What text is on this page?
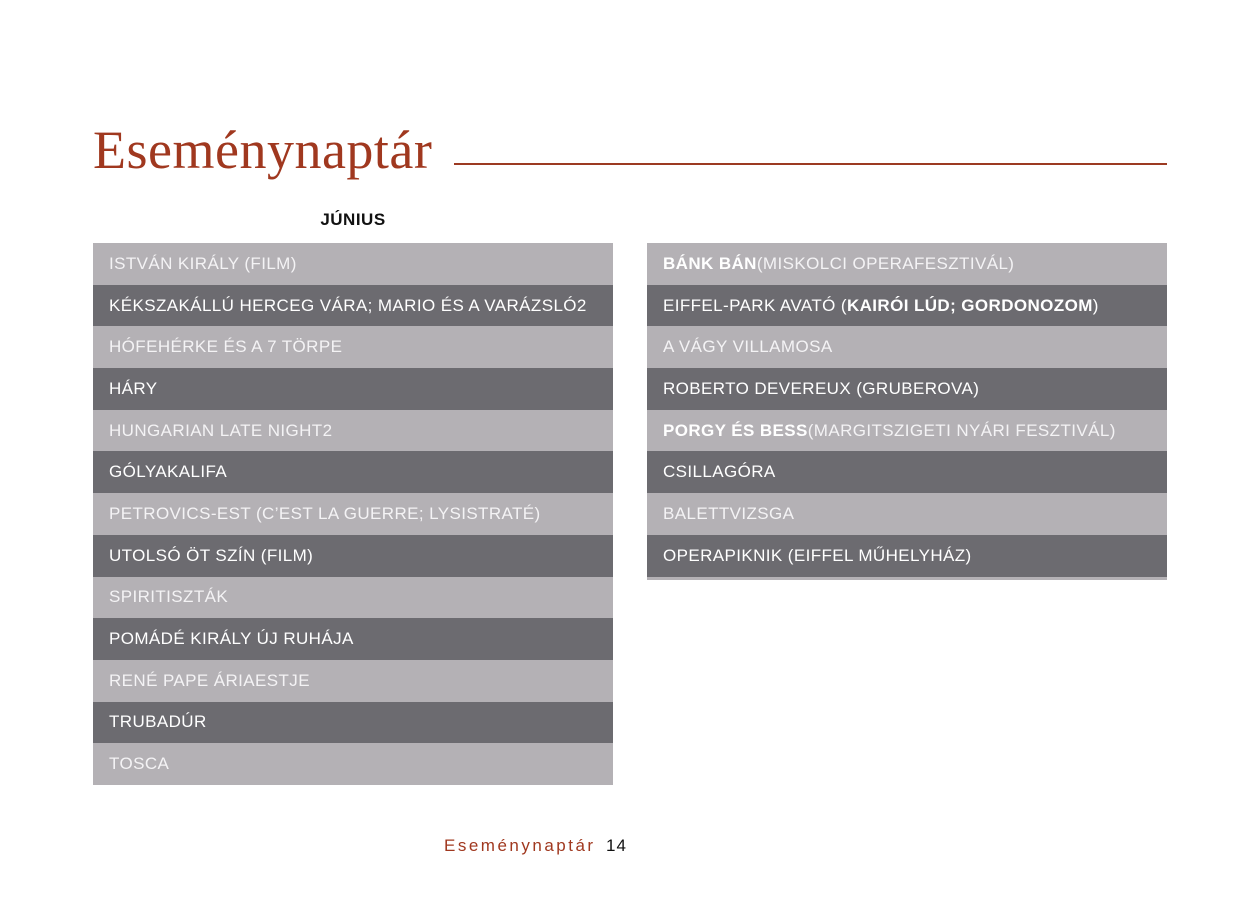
Eseménynaptár
JÚNIUS
ISTVÁN KIRÁLY (FILM)
KÉKSZAKÁLLÚ HERCEG VÁRA; MARIO ÉS A VARÁZSLÓ2
HÓFEHÉRKE ÉS A 7 TÖRPE
HÁRY
HUNGARIAN LATE NIGHT2
GÓLYAKALIFA
PETROVICS-EST (C’EST LA GUERRE; LYSISTRATÉ)
UTOLSÓ ÖT SZÍN (FILM)
SPIRITISZTÁK
POMÁDÉ KIRÁLY ÚJ RUHÁJA
RENÉ PAPE ÁRIAESTJE
TRUBADÚR
TOSCA
BÁNK BÁN (MISKOLCI OPERAFESZTIVÁL)
EIFFEL-PARK AVATÓ ( KAIRÓI LÚD; GORDONOZOM )
A VÁGY VILLAMOSA
ROBERTO DEVEREUX (GRUBEROVA)
PORGY ÉS BESS (MARGITSZIGETI NYÁRI FESZTIVÁL)
CSILLAGÓRA
BALETTVIZSGA
OPERAPIKNIK (EIFFEL MŰHELYHÁZ)
Eseménynaptár 14
